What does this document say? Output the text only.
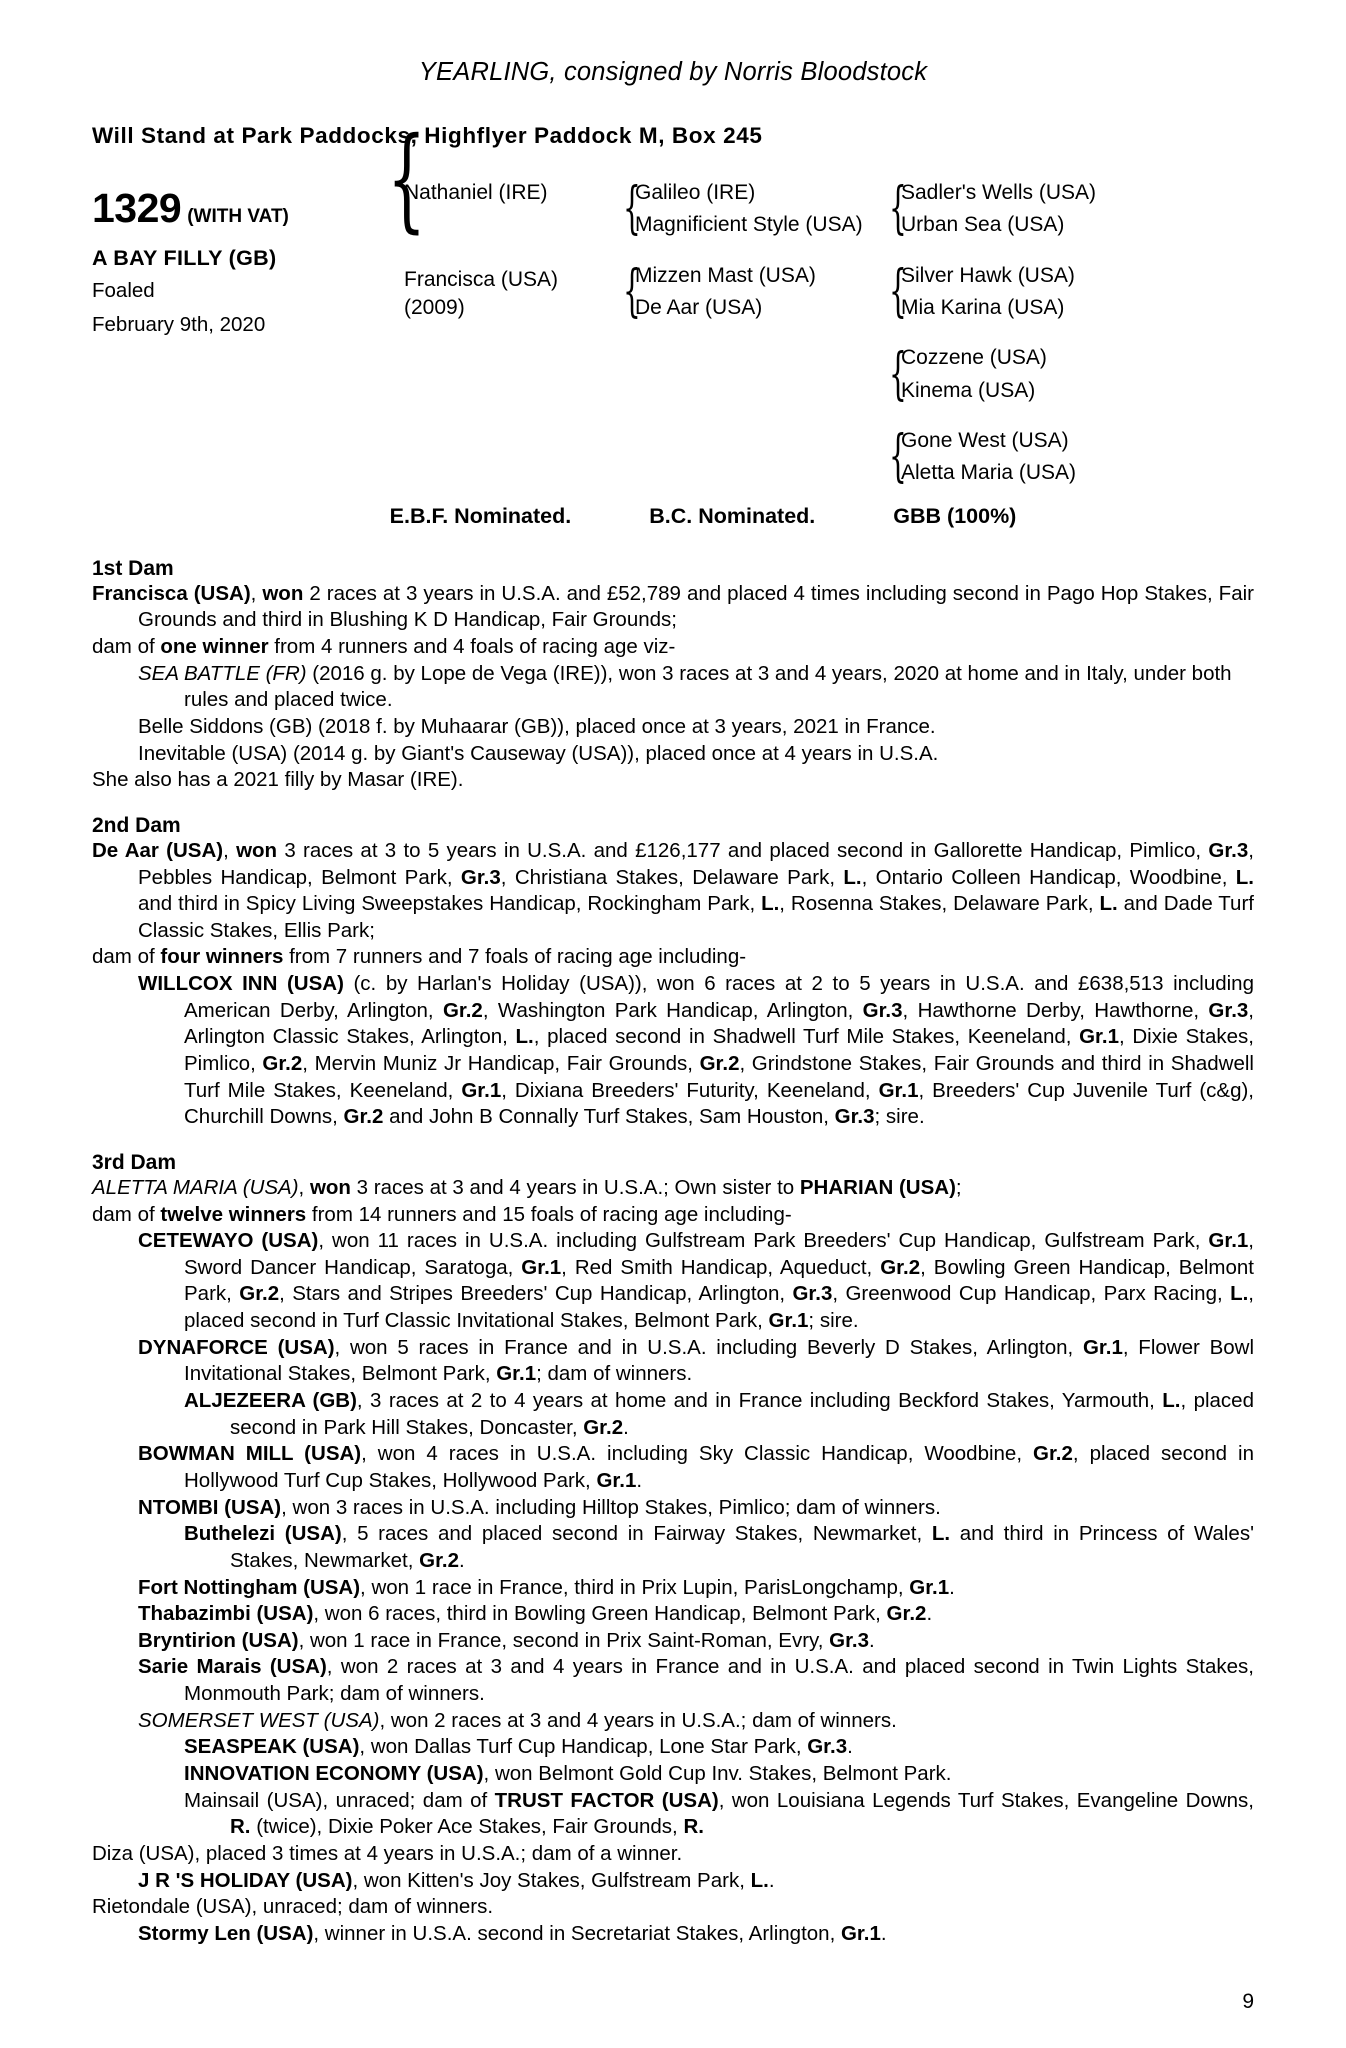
YEARLING, consigned by Norris Bloodstock
Will Stand at Park Paddocks, Highflyer Paddock M, Box 245
1329 (WITH VAT)
A BAY FILLY (GB)
Foaled
February 9th, 2020
{
Nathaniel (IRE)
Francisca (USA)
(2009)
{
Galileo (IRE)
Magnificient Style (USA)
{
Mizzen Mast (USA)
De Aar (USA)
{
Sadler's Wells (USA)
Urban Sea (USA)
{
Silver Hawk (USA)
Mia Karina (USA)
{
Cozzene (USA)
Kinema (USA)
{
Gone West (USA)
Aletta Maria (USA)
E.B.F. Nominated.	B.C. Nominated.	GBB (100%)
1st Dam

Francisca (USA), won 2 races at 3 years in U.S.A. and £52,789 and placed 4 times including second in Pago Hop Stakes, Fair Grounds and third in Blushing K D Handicap, Fair Grounds;

dam of one winner from 4 runners and 4 foals of racing age viz-

SEA BATTLE (FR) (2016 g. by Lope de Vega (IRE)), won 3 races at 3 and 4 years, 2020 at home and in Italy, under both rules and placed twice.

Belle Siddons (GB) (2018 f. by Muhaarar (GB)), placed once at 3 years, 2021 in France.

Inevitable (USA) (2014 g. by Giant's Causeway (USA)), placed once at 4 years in U.S.A.

She also has a 2021 filly by Masar (IRE).

2nd Dam

De Aar (USA), won 3 races at 3 to 5 years in U.S.A. and £126,177 and placed second in Gallorette Handicap, Pimlico, Gr.3, Pebbles Handicap, Belmont Park, Gr.3, Christiana Stakes, Delaware Park, L., Ontario Colleen Handicap, Woodbine, L. and third in Spicy Living Sweepstakes Handicap, Rockingham Park, L., Rosenna Stakes, Delaware Park, L. and Dade Turf Classic Stakes, Ellis Park;

dam of four winners from 7 runners and 7 foals of racing age including-

WILLCOX INN (USA) (c. by Harlan's Holiday (USA)), won 6 races at 2 to 5 years in U.S.A. and £638,513 including American Derby, Arlington, Gr.2, Washington Park Handicap, Arlington, Gr.3, Hawthorne Derby, Hawthorne, Gr.3, Arlington Classic Stakes, Arlington, L., placed second in Shadwell Turf Mile Stakes, Keeneland, Gr.1, Dixie Stakes, Pimlico, Gr.2, Mervin Muniz Jr Handicap, Fair Grounds, Gr.2, Grindstone Stakes, Fair Grounds and third in Shadwell Turf Mile Stakes, Keeneland, Gr.1, Dixiana Breeders' Futurity, Keeneland, Gr.1, Breeders' Cup Juvenile Turf (c&g), Churchill Downs, Gr.2 and John B Connally Turf Stakes, Sam Houston, Gr.3; sire.

3rd Dam

ALETTA MARIA (USA), won 3 races at 3 and 4 years in U.S.A.; Own sister to PHARIAN (USA);

dam of twelve winners from 14 runners and 15 foals of racing age including-

CETEWAYO (USA), won 11 races in U.S.A. including Gulfstream Park Breeders' Cup Handicap, Gulfstream Park, Gr.1, Sword Dancer Handicap, Saratoga, Gr.1, Red Smith Handicap, Aqueduct, Gr.2, Bowling Green Handicap, Belmont Park, Gr.2, Stars and Stripes Breeders' Cup Handicap, Arlington, Gr.3, Greenwood Cup Handicap, Parx Racing, L., placed second in Turf Classic Invitational Stakes, Belmont Park, Gr.1; sire.

DYNAFORCE (USA), won 5 races in France and in U.S.A. including Beverly D Stakes, Arlington, Gr.1, Flower Bowl Invitational Stakes, Belmont Park, Gr.1; dam of winners.

ALJEZEERA (GB), 3 races at 2 to 4 years at home and in France including Beckford Stakes, Yarmouth, L., placed second in Park Hill Stakes, Doncaster, Gr.2.

BOWMAN MILL (USA), won 4 races in U.S.A. including Sky Classic Handicap, Woodbine, Gr.2, placed second in Hollywood Turf Cup Stakes, Hollywood Park, Gr.1.

NTOMBI (USA), won 3 races in U.S.A. including Hilltop Stakes, Pimlico; dam of winners.

Buthelezi (USA), 5 races and placed second in Fairway Stakes, Newmarket, L. and third in Princess of Wales' Stakes, Newmarket, Gr.2.

Fort Nottingham (USA), won 1 race in France, third in Prix Lupin, ParisLongchamp, Gr.1.

Thabazimbi (USA), won 6 races, third in Bowling Green Handicap, Belmont Park, Gr.2.

Bryntirion (USA), won 1 race in France, second in Prix Saint-Roman, Evry, Gr.3.

Sarie Marais (USA), won 2 races at 3 and 4 years in France and in U.S.A. and placed second in Twin Lights Stakes, Monmouth Park; dam of winners.

SOMERSET WEST (USA), won 2 races at 3 and 4 years in U.S.A.; dam of winners.

SEASPEAK (USA), won Dallas Turf Cup Handicap, Lone Star Park, Gr.3.

INNOVATION ECONOMY (USA), won Belmont Gold Cup Inv. Stakes, Belmont Park.

Mainsail (USA), unraced; dam of TRUST FACTOR (USA), won Louisiana Legends Turf Stakes, Evangeline Downs, R. (twice), Dixie Poker Ace Stakes, Fair Grounds, R.

Diza (USA), placed 3 times at 4 years in U.S.A.; dam of a winner.

J R 'S HOLIDAY (USA), won Kitten's Joy Stakes, Gulfstream Park, L..

Rietondale (USA), unraced; dam of winners.

Stormy Len (USA), winner in U.S.A. second in Secretariat Stakes, Arlington, Gr.1.

9
